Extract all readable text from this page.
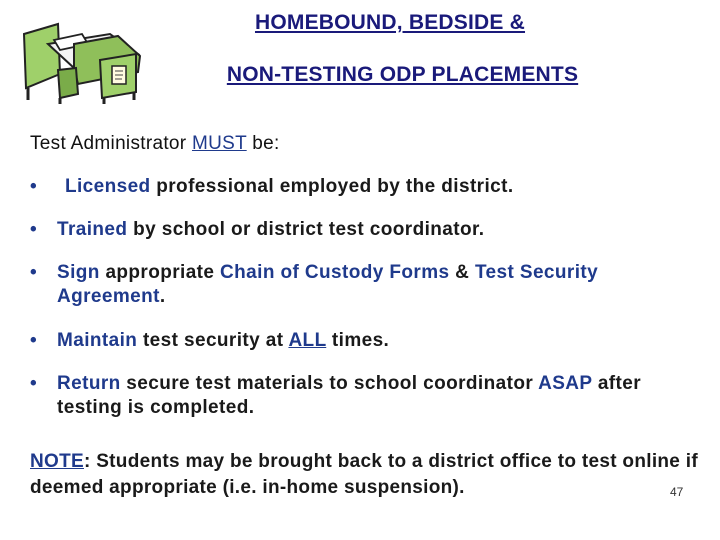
HOMEBOUND, BEDSIDE &
NON-TESTING ODP PLACEMENTS
Test Administrator MUST be:
• Licensed professional employed by the district.
• Trained by school or district test coordinator.
• Sign appropriate Chain of Custody Forms & Test Security Agreement.
• Maintain test security at ALL times.
• Return secure test materials to school coordinator ASAP after testing is completed.
NOTE: Students may be brought back to a district office to test online if deemed appropriate (i.e. in-home suspension).	47
